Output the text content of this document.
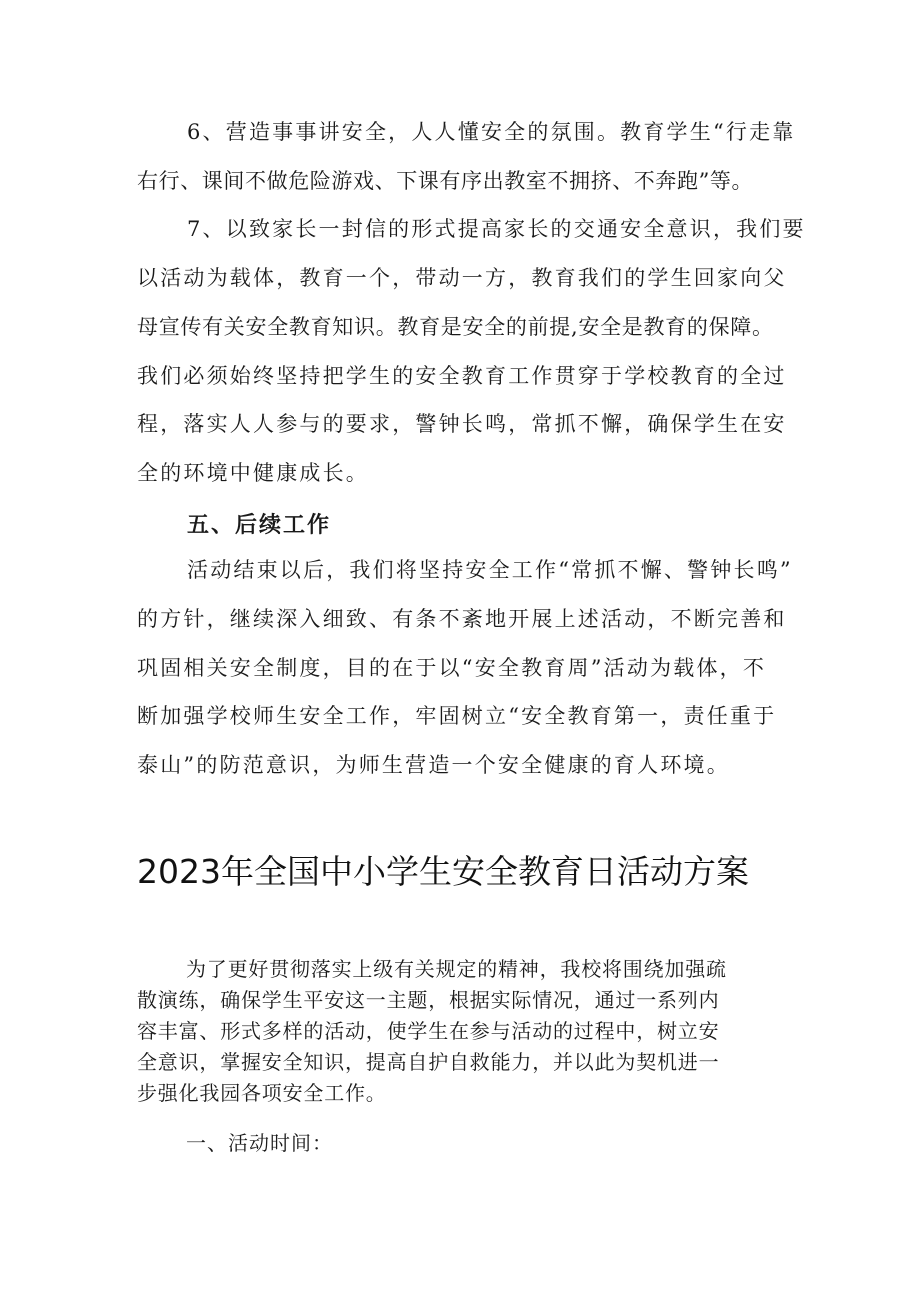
6、营造事事讲安全，人人懂安全的氛围。教育学生“行走靠
右行、课间不做危险游戏、下课有序出教室不拥挤、不奔跑”等。
7、以致家长一封信的形式提高家长的交通安全意识，我们要
以活动为载体，教育一个，带动一方，教育我们的学生回家向父
母宣传有关安全教育知识。教育是安全的前提,安全是教育的保障。
我们必须始终坚持把学生的安全教育工作贯穿于学校教育的全过
程，落实人人参与的要求，警钟长鸣，常抓不懈，确保学生在安
全的环境中健康成长。
五、后续工作
活动结束以后，我们将坚持安全工作“常抓不懈、警钟长鸣”
的方针，继续深入细致、有条不紊地开展上述活动，不断完善和
巩固相关安全制度，目的在于以“安全教育周”活动为载体，不
断加强学校师生安全工作，牢固树立“安全教育第一，责任重于
泰山”的防范意识，为师生营造一个安全健康的育人环境。
2023年全国中小学生安全教育日活动方案
为了更好贯彻落实上级有关规定的精神，我校将围绕加强疏
散演练，确保学生平安这一主题，根据实际情况，通过一系列内
容丰富、形式多样的活动，使学生在参与活动的过程中，树立安
全意识，掌握安全知识，提高自护自救能力，并以此为契机进一
步强化我园各项安全工作。
一、活动时间：
